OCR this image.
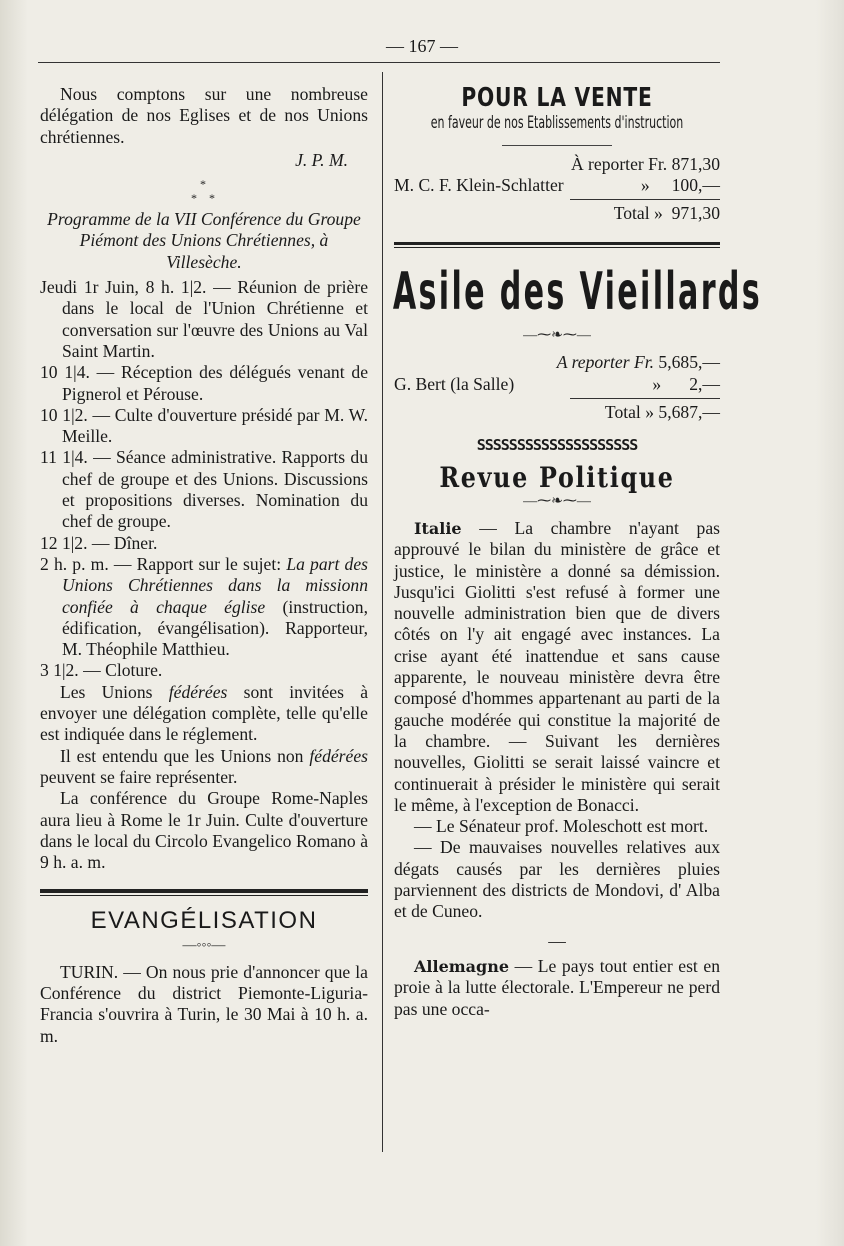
— 167 —

Nous comptons sur une nombreuse délégation de nos Eglises et de nos Unions chrétiennes.

J. P. M.

*
*  *

Programme de la VII Conférence du Groupe Piémont des Unions Chrétiennes, à Villesèche.

Jeudi 1r Juin, 8 h. 1|2. — Réunion de prière dans le local de l'Union Chrétienne et conversation sur l'œuvre des Unions au Val Saint Martin.

10 1|4. — Réception des délégués venant de Pignerol et Pérouse.

10 1|2. — Culte d'ouverture présidé par M. W. Meille.

11 1|4. — Séance administrative. Rapports du chef de groupe et des Unions. Discussions et propositions diverses. Nomination du chef de groupe.

12 1|2. — Dîner.

2 h. p. m. — Rapport sur le sujet: La part des Unions Chrétiennes dans la missionn confiée à chaque église (instruction, édification, évangélisation). Rapporteur, M. Théophile Matthieu.

3 1|2. — Cloture.

Les Unions fédérées sont invitées à envoyer une délégation complète, telle qu'elle est indiquée dans le réglement.

Il est entendu que les Unions non fédérées peuvent se faire représenter.

La conférence du Groupe Rome-Naples aura lieu à Rome le 1r Juin. Culte d'ouverture dans le local du Circolo Evangelico Romano à 9 h. a. m.

EVANGÉLISATION
—◦◦◦—

TURIN. — On nous prie d'annoncer que la Conférence du district Piemonte-Liguria-Francia s'ouvrira à Turin, le 30 Mai à 10 h. a. m.

POUR LA VENTE
en faveur de nos Etablissements d'instruction
À reporter Fr. 871,30
M. C. F. Klein-Schlatter	» 100,—
Total » 971,30
Asile des Vieillards
—⁓❧⁓—
A reporter Fr. 5,685,—
G. Bert (la Salle)	» 2,—
Total » 5,687,—
SSSSSSSSSSSSSSSSSSSS
Revue Politique
—⁓❧⁓—

Italie — La chambre n'ayant pas approuvé le bilan du ministère de grâce et justice, le ministère a donné sa démission. Jusqu'ici Giolitti s'est refusé à former une nouvelle administration bien que de divers côtés on l'y ait engagé avec instances. La crise ayant été inattendue et sans cause apparente, le nouveau ministère devra être composé d'hommes appartenant au parti de la gauche modérée qui constitue la majorité de la chambre. — Suivant les dernières nouvelles, Giolitti se serait laissé vaincre et continuerait à présider le ministère qui serait le même, à l'exception de Bonacci.

— Le Sénateur prof. Moleschott est mort.

— De mauvaises nouvelles relatives aux dégats causés par les dernières pluies parviennent des districts de Mondovi, d' Alba et de Cuneo.

—

Allemagne — Le pays tout entier est en proie à la lutte électorale. L'Empereur ne perd pas une occa-
